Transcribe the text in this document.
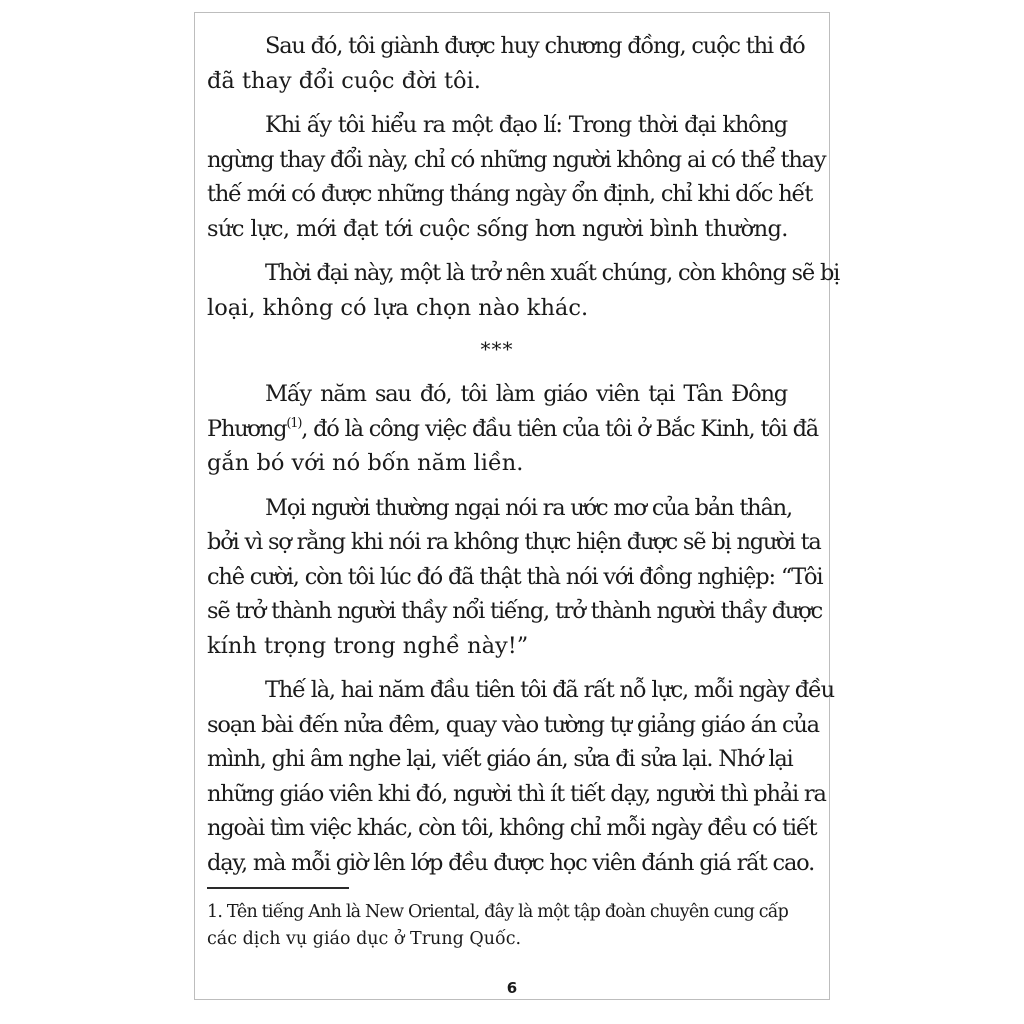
Sau đó, tôi giành được huy chương đồng, cuộc thi đó
đã thay đổi cuộc đời tôi.
Khi ấy tôi hiểu ra một đạo lí: Trong thời đại không
ngừng thay đổi này, chỉ có những người không ai có thể thay
thế mới có được những tháng ngày ổn định, chỉ khi dốc hết
sức lực, mới đạt tới cuộc sống hơn người bình thường.
Thời đại này, một là trở nên xuất chúng, còn không sẽ bị
loại, không có lựa chọn nào khác.
***
Mấy năm sau đó, tôi làm giáo viên tại Tân Đông
Phương$^{(1)}$, đó là công việc đầu tiên của tôi ở Bắc Kinh, tôi đã
gắn bó với nó bốn năm liền.
Mọi người thường ngại nói ra ước mơ của bản thân,
bởi vì sợ rằng khi nói ra không thực hiện được sẽ bị người ta
chê cười, còn tôi lúc đó đã thật thà nói với đồng nghiệp: “Tôi
sẽ trở thành người thầy nổi tiếng, trở thành người thầy được
kính trọng trong nghề này!”
Thế là, hai năm đầu tiên tôi đã rất nỗ lực, mỗi ngày đều
soạn bài đến nửa đêm, quay vào tường tự giảng giáo án của
mình, ghi âm nghe lại, viết giáo án, sửa đi sửa lại. Nhớ lại
những giáo viên khi đó, người thì ít tiết dạy, người thì phải ra
ngoài tìm việc khác, còn tôi, không chỉ mỗi ngày đều có tiết
dạy, mà mỗi giờ lên lớp đều được học viên đánh giá rất cao.
1. Tên tiếng Anh là New Oriental, đây là một tập đoàn chuyên cung cấp
các dịch vụ giáo dục ở Trung Quốc.
6
